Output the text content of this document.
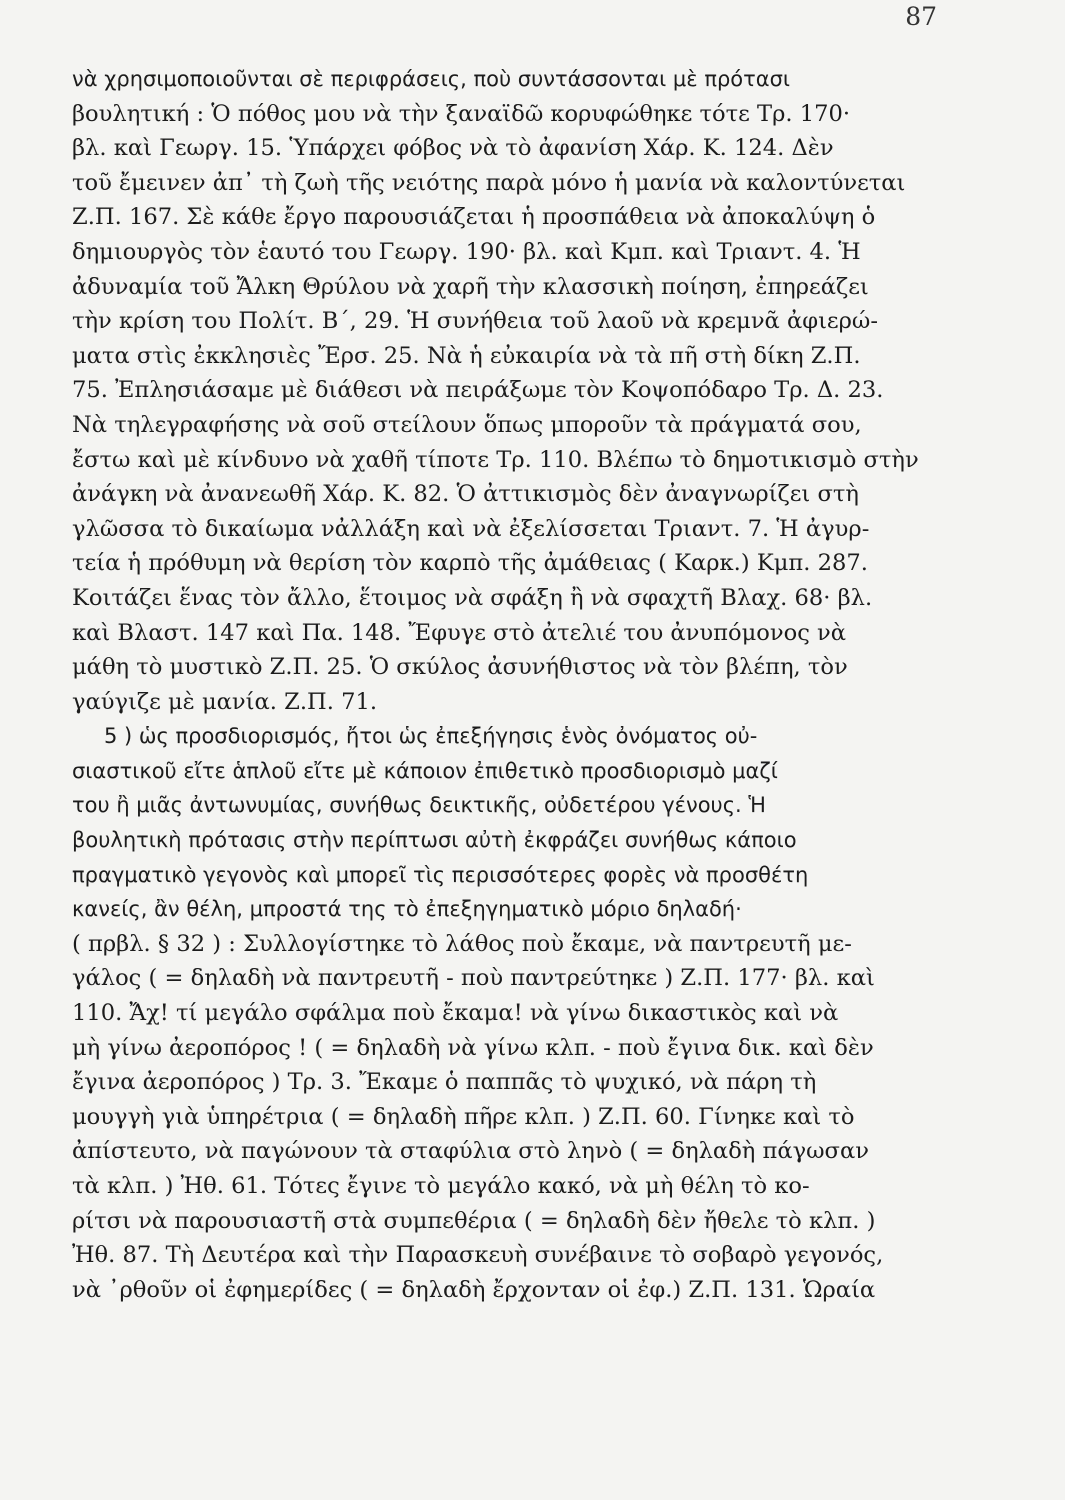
87
νὰ χρησιμοποιοῦνται σὲ περιφράσεις, ποὺ συντάσσονται μὲ πρότασι
βουλητική : Ὁ πόθος μου νὰ τὴν ξαναϊδῶ κορυφώθηκε τότε Τρ. 170·
βλ. καὶ Γεωργ. 15. Ὑπάρχει φόβος νὰ τὸ ἀφανίση Χάρ. Κ. 124. Δὲν
τοῦ ἔμεινεν ἀπ᾽ τὴ ζωὴ τῆς νειότης παρὰ μόνο ἡ μανία νὰ καλοντύνεται
Ζ.Π. 167. Σὲ κάθε ἔργο παρουσιάζεται ἡ προσπάθεια νὰ ἀποκαλύψη ὁ
δημιουργὸς τὸν ἑαυτό του Γεωργ. 190· βλ. καὶ Κμπ. καὶ Τριαντ. 4. Ἡ
ἀδυναμία τοῦ Ἄλκη Θρύλου νὰ χαρῆ τὴν κλασσικὴ ποίηση, ἐπηρεάζει
τὴν κρίση του Πολίτ. Β΄, 29. Ἡ συνήθεια τοῦ λαοῦ νὰ κρεμνᾶ ἀφιερώ-
ματα στὶς ἐκκλησιὲς Ἔρσ. 25. Νὰ ἡ εὐκαιρία νὰ τὰ πῆ στὴ δίκη Ζ.Π.
75. Ἐπλησιάσαμε μὲ διάθεσι νὰ πειράξωμε τὸν Κοψοπόδαρο Τρ. Δ. 23.
Νὰ τηλεγραφήσης νὰ σοῦ στείλουν ὅπως μποροῦν τὰ πράγματά σου,
ἔστω καὶ μὲ κίνδυνο νὰ χαθῆ τίποτε Τρ. 110. Βλέπω τὸ δημοτικισμὸ στὴν
ἀνάγκη νὰ ἀνανεωθῆ Χάρ. Κ. 82. Ὁ ἀττικισμὸς δὲν ἀναγνωρίζει στὴ
γλῶσσα τὸ δικαίωμα νἀλλάξη καὶ νὰ ἐξελίσσεται Τριαντ. 7. Ἡ ἀγυρ-
τεία ἡ πρόθυμη νὰ θερίση τὸν καρπὸ τῆς ἀμάθειας ( Καρκ.) Κμπ. 287.
Κοιτάζει ἕνας τὸν ἄλλο, ἕτοιμος νὰ σφάξη ἢ νὰ σφαχτῆ Βλαχ. 68· βλ.
καὶ Βλαστ. 147 καὶ Πα. 148. Ἔφυγε στὸ ἀτελιέ του ἀνυπόμονος νὰ
μάθη τὸ μυστικὸ Ζ.Π. 25. Ὁ σκύλος ἀσυνήθιστος νὰ τὸν βλέπη, τὸν
γαύγιζε μὲ μανία. Ζ.Π. 71.
5 ) ὡς προσδιορισμός, ἤτοι ὡς ἐπεξήγησις ἑνὸς ὀνόματος οὐ-
σιαστικοῦ εἴτε ἁπλοῦ εἴτε μὲ κάποιον ἐπιθετικὸ προσδιορισμὸ μαζί
του ἢ μιᾶς ἀντωνυμίας, συνήθως δεικτικῆς, οὐδετέρου γένους. Ἡ
βουλητικὴ πρότασις στὴν περίπτωσι αὐτὴ ἐκφράζει συνήθως κάποιο
πραγματικὸ γεγονὸς καὶ μπορεῖ τὶς περισσότερες φορὲς νὰ προσθέτη
κανείς, ἂν θέλη, μπροστά της τὸ ἐπεξηγηματικὸ μόριο δηλαδή·
( πρβλ. § 32 ) : Συλλογίστηκε τὸ λάθος ποὺ ἔκαμε, νὰ παντρευτῆ με-
γάλος ( = δηλαδὴ νὰ παντρευτῆ - ποὺ παντρεύτηκε ) Ζ.Π. 177· βλ. καὶ
110. Ἄχ! τί μεγάλο σφάλμα ποὺ ἔκαμα! νὰ γίνω δικαστικὸς καὶ νὰ
μὴ γίνω ἀεροπόρος ! ( = δηλαδὴ νὰ γίνω κλπ. - ποὺ ἔγινα δικ. καὶ δὲν
ἔγινα ἀεροπόρος ) Τρ. 3. Ἔκαμε ὁ παππᾶς τὸ ψυχικό, νὰ πάρη τὴ
μουγγὴ γιὰ ὑπηρέτρια ( = δηλαδὴ πῆρε κλπ. ) Ζ.Π. 60. Γίνηκε καὶ τὸ
ἀπίστευτο, νὰ παγώνουν τὰ σταφύλια στὸ ληνὸ ( = δηλαδὴ πάγωσαν
τὰ κλπ. ) Ἠθ. 61. Τότες ἔγινε τὸ μεγάλο κακό, νὰ μὴ θέλη τὸ κο-
ρίτσι νὰ παρουσιαστῆ στὰ συμπεθέρια ( = δηλαδὴ δὲν ἤθελε τὸ κλπ. )
Ἠθ. 87. Τὴ Δευτέρα καὶ τὴν Παρασκευὴ συνέβαινε τὸ σοβαρὸ γεγονός,
νὰ ᾽ρθοῦν οἱ ἐφημερίδες ( = δηλαδὴ ἔρχονταν οἱ ἐφ.) Ζ.Π. 131. Ὡραία
